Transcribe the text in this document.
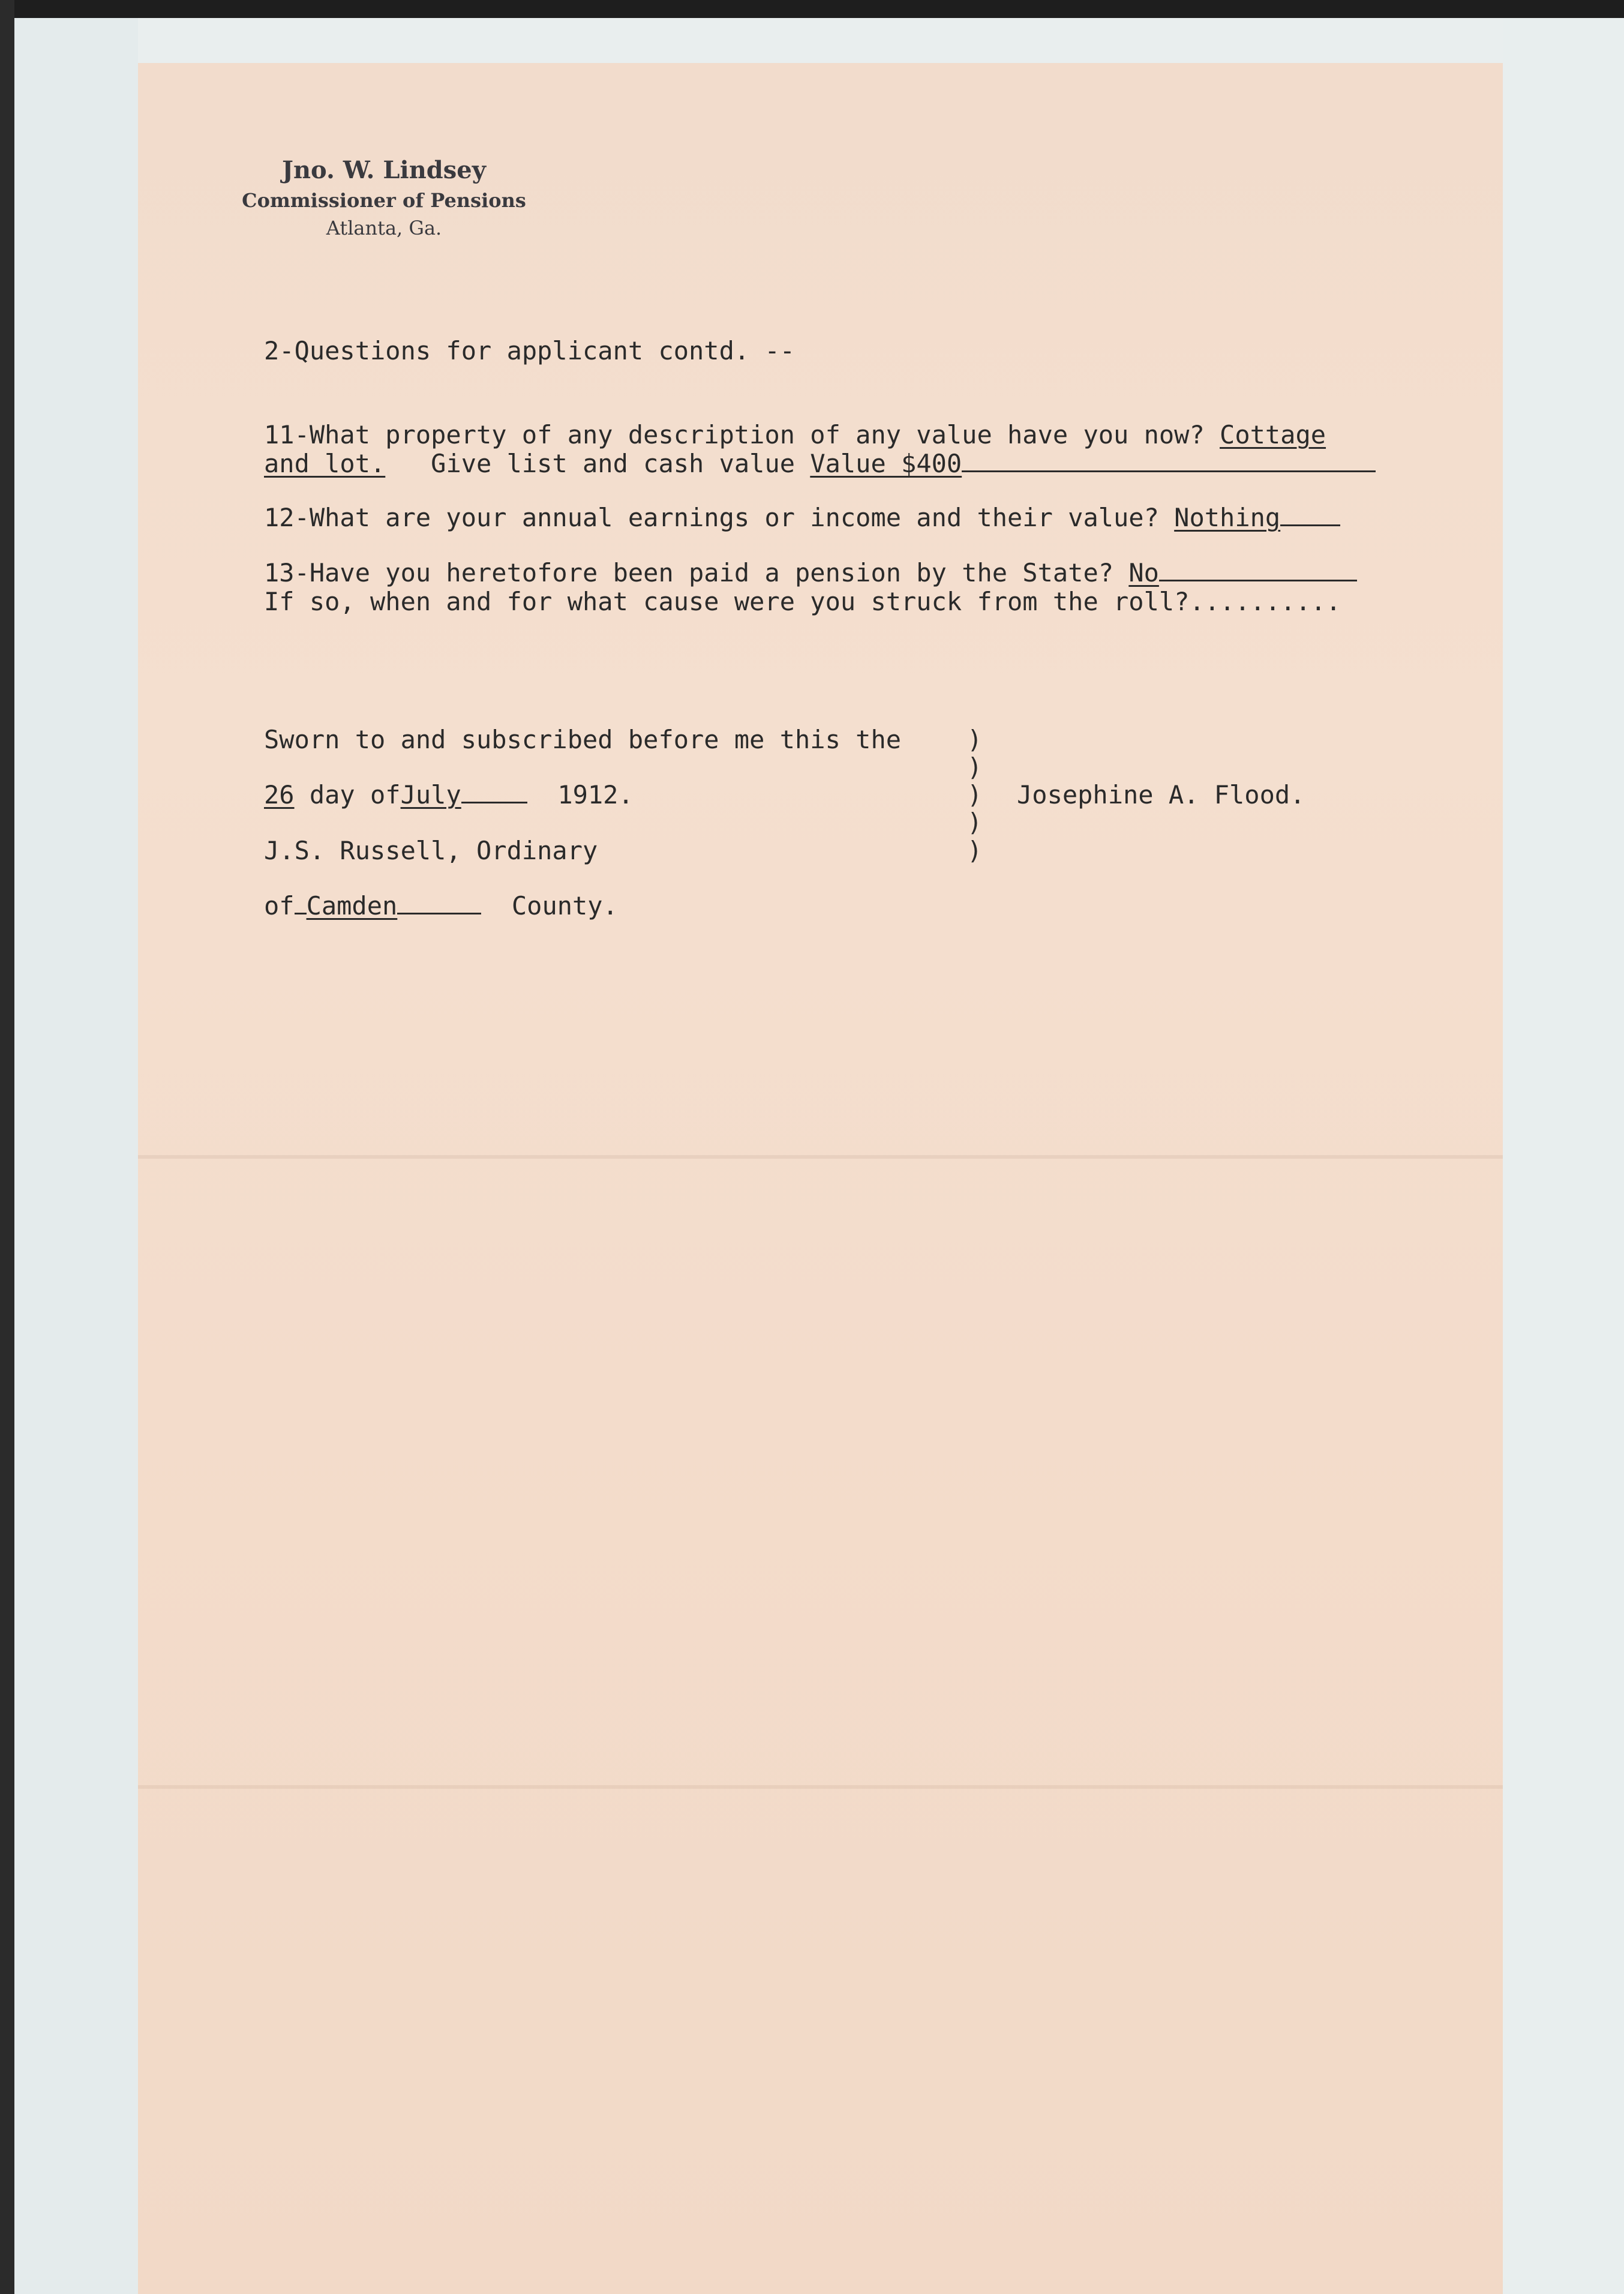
Jno. W. Lindsey
Commissioner of Pensions
Atlanta, Ga.
2-Questions for applicant contd. --
11-What property of any description of any value have you now? Cottage
and lot.   Give list and cash value Value $400
12-What are your annual earnings or income and their value? Nothing
13-Have you heretofore been paid a pension by the State? No
If so, when and for what cause were you struck from the roll?..........
Sworn to and subscribed before me this the
26 day ofJuly	1912.
J.S. Russell, Ordinary
of Camden	County.
)
)
)
)
)
Josephine A. Flood.
